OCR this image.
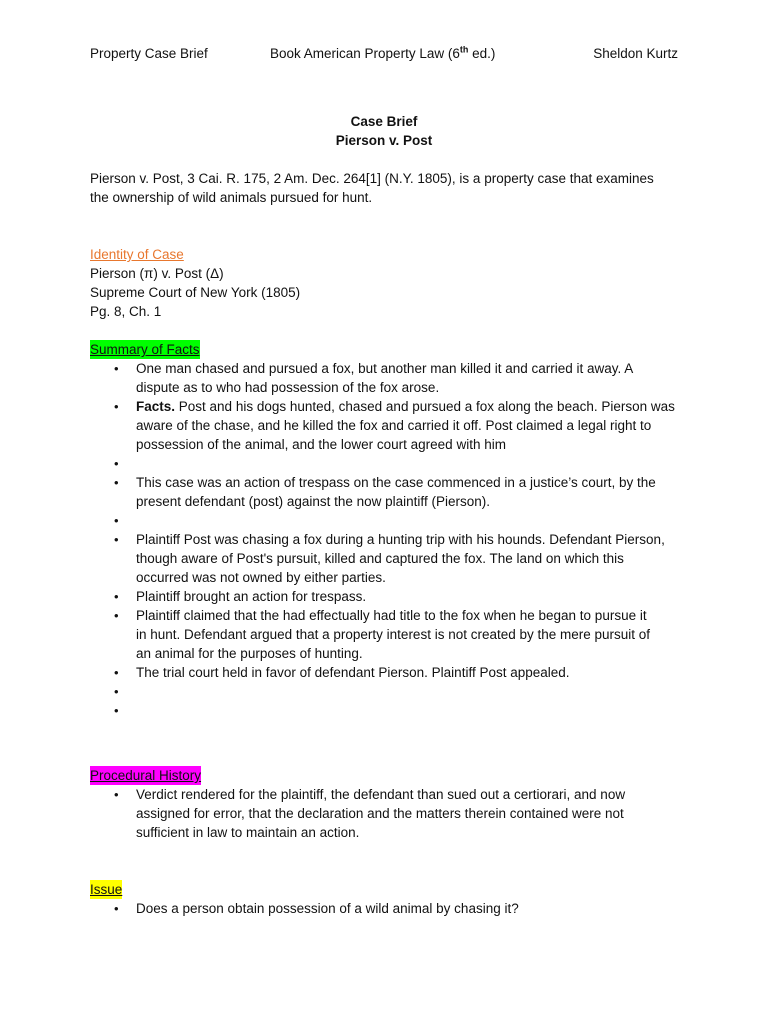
Property Case Brief	Book American Property Law (6th ed.)	Sheldon Kurtz
Case Brief
Pierson v. Post
Pierson v. Post, 3 Cai. R. 175, 2 Am. Dec. 264[1] (N.Y. 1805), is a property case that examines
the ownership of wild animals pursued for hunt.
Identity of Case
Pierson (π) v. Post (Δ)
Supreme Court of New York (1805)
Pg. 8, Ch. 1
Summary of Facts
• One man chased and pursued a fox, but another man killed it and carried it away. A
dispute as to who had possession of the fox arose.
• Facts. Post and his dogs hunted, chased and pursued a fox along the beach. Pierson was
aware of the chase, and he killed the fox and carried it off. Post claimed a legal right to
possession of the animal, and the lower court agreed with him
•
• This case was an action of trespass on the case commenced in a justice’s court, by the
present defendant (post) against the now plaintiff (Pierson).
•
• Plaintiff Post was chasing a fox during a hunting trip with his hounds. Defendant Pierson,
though aware of Post's pursuit, killed and captured the fox. The land on which this
occurred was not owned by either parties.
• Plaintiff brought an action for trespass.
• Plaintiff claimed that the had effectually had title to the fox when he began to pursue it
in hunt. Defendant argued that a property interest is not created by the mere pursuit of
an animal for the purposes of hunting.
• The trial court held in favor of defendant Pierson. Plaintiff Post appealed.
•
•
Procedural History
• Verdict rendered for the plaintiff, the defendant than sued out a certiorari, and now
assigned for error, that the declaration and the matters therein contained were not
sufficient in law to maintain an action.
Issue
• Does a person obtain possession of a wild animal by chasing it?
